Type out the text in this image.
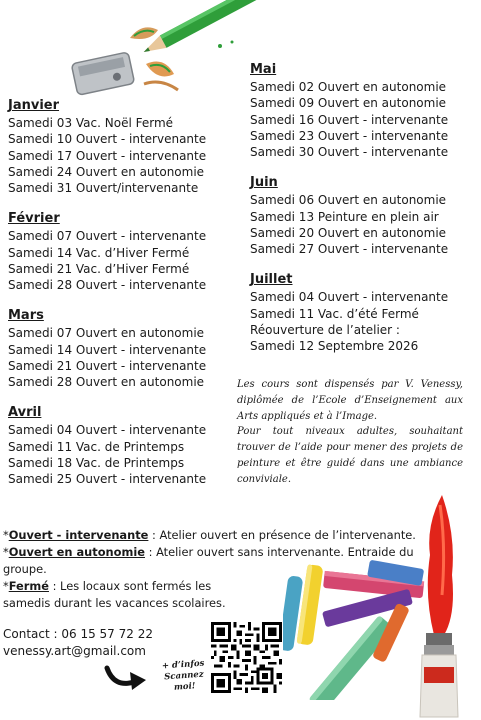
Janvier
Samedi 03 Vac. Noël Fermé
Samedi 10 Ouvert - intervenante
Samedi 17 Ouvert - intervenante
Samedi 24 Ouvert en autonomie
Samedi 31 Ouvert/intervenante
Février
Samedi 07 Ouvert - intervenante
Samedi 14 Vac. d’Hiver Fermé
Samedi 21 Vac. d’Hiver Fermé
Samedi 28 Ouvert - intervenante
Mars
Samedi 07 Ouvert en autonomie
Samedi 14 Ouvert - intervenante
Samedi 21 Ouvert - intervenante
Samedi 28 Ouvert en autonomie
Avril
Samedi 04 Ouvert - intervenante
Samedi 11 Vac. de Printemps
Samedi 18 Vac. de Printemps
Samedi 25 Ouvert - intervenante
Mai
Samedi 02 Ouvert en autonomie
Samedi 09 Ouvert en autonomie
Samedi 16 Ouvert - intervenante
Samedi 23 Ouvert - intervenante
Samedi 30 Ouvert - intervenante
Juin
Samedi 06 Ouvert en autonomie
Samedi 13 Peinture en plein air
Samedi 20 Ouvert en autonomie
Samedi 27 Ouvert - intervenante
Juillet
Samedi 04 Ouvert - intervenante
Samedi 11 Vac. d’été Fermé
Réouverture de l’atelier :
Samedi 12 Septembre 2026
Les cours sont dispensés par V. Venessy, diplômée de l’Ecole d’Enseignement aux Arts appliqués et à l’Image.
Pour tout niveaux adultes, souhaitant trouver de l’aide pour mener des projets de peinture et être guidé dans une ambiance conviviale.
*Ouvert - intervenante : Atelier ouvert en présence de l’intervenante.
*Ouvert en autonomie : Atelier ouvert sans intervenante. Entraide du groupe.
*Fermé : Les locaux sont fermés les
samedis durant les vacances scolaires.
Contact : 06 15 57 72 22
venessy.art@gmail.com
+ d’infos
Scannez moi!
